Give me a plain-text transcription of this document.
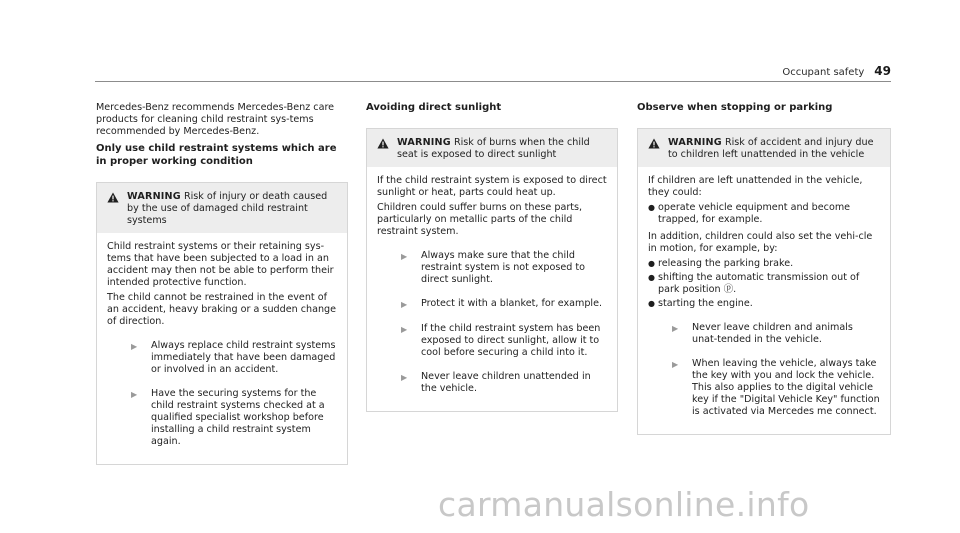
Occupant safety 49

Mercedes-Benz recommends Mercedes-Benz care products for cleaning child restraint sys-tems recommended by Mercedes-Benz.

Only use child restraint systems which are in proper working condition
WARNING Risk of injury or death caused by the use of damaged child restraint systems

Child restraint systems or their retaining sys-tems that have been subjected to a load in an accident may then not be able to perform their intended protective function.

The child cannot be restrained in the event of an accident, heavy braking or a sudden change of direction.

▶	Always replace child restraint systems immediately that have been damaged or involved in an accident.
▶	Have the securing systems for the child restraint systems checked at a qualified specialist workshop before installing a child restraint system again.
Avoiding direct sunlight
WARNING Risk of burns when the child seat is exposed to direct sunlight

If the child restraint system is exposed to direct sunlight or heat, parts could heat up.

Children could suffer burns on these parts, particularly on metallic parts of the child restraint system.

▶	Always make sure that the child restraint system is not exposed to direct sunlight.
▶	Protect it with a blanket, for example.
▶	If the child restraint system has been exposed to direct sunlight, allow it to cool before securing a child into it.
▶	Never leave children unattended in the vehicle.
Observe when stopping or parking
WARNING Risk of accident and injury due to children left unattended in the vehicle

If children are left unattended in the vehicle, they could:

● operate vehicle equipment and become trapped, for example.

In addition, children could also set the vehi-cle in motion, for example, by:

● releasing the parking brake.
● shifting the automatic transmission out of park position ⓟ.
● starting the engine.
▶	Never leave children and animals unat-tended in the vehicle.
▶	When leaving the vehicle, always take the key with you and lock the vehicle. This also applies to the digital vehicle key if the "Digital Vehicle Key" function is activated via Mercedes me connect.
carmanualsonline.info
